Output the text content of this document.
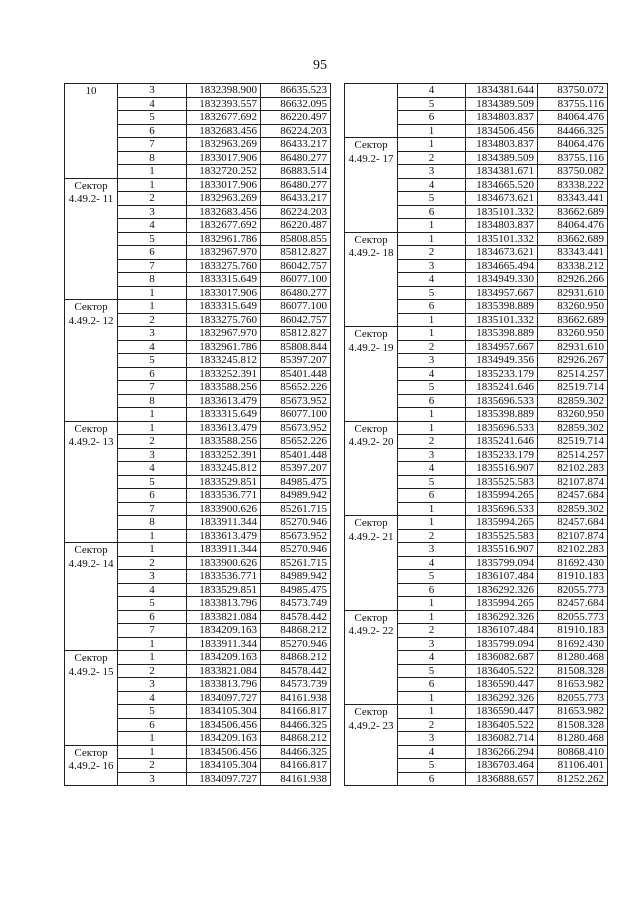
95
10	3	1832398.900	86635.523
	4	1832393.557	86632.095
	5	1832677.692	86220.497
	6	1832683.456	86224.203
	7	1832963.269	86433.217
	8	1833017.906	86480.277
	1	1832720.252	86883.514
Сектор 4.49.2- 11	1	1833017.906	86480.277
	2	1832963.269	86433.217
	3	1832683.456	86224.203
	4	1832677.692	86220.487
	5	1832961.786	85808.855
	6	1832967.970	85812.827
	7	1833275.760	86042.757
	8	1833315.649	86077.100
	1	1833017.906	86480.277
Сектор 4.49.2- 12	1	1833315.649	86077.100
	2	1833275.760	86042.757
	3	1832967.970	85812.827
	4	1832961.786	85808.844
	5	1833245.812	85397.207
	6	1833252.391	85401.448
	7	1833588.256	85652.226
	8	1833613.479	85673.952
	1	1833315.649	86077.100
Сектор 4.49.2- 13	1	1833613.479	85673.952
	2	1833588.256	85652.226
	3	1833252.391	85401.448
	4	1833245.812	85397.207
	5	1833529.851	84985.475
	6	1833536.771	84989.942
	7	1833900.626	85261.715
	8	1833911.344	85270.946
	1	1833613.479	85673.952
Сектор 4.49.2- 14	1	1833911.344	85270.946
	2	1833900.626	85261.715
	3	1833536.771	84989.942
	4	1833529.851	84985.475
	5	1833813.796	84573.749
	6	1833821.084	84578.442
	7	1834209.163	84868.212
	1	1833911.344	85270.946
Сектор 4.49.2- 15	1	1834209.163	84868.212
	2	1833821.084	84578.442
	3	1833813.796	84573.739
	4	1834097.727	84161.938
	5	1834105.304	84166.817
	6	1834506.456	84466.325
	1	1834209.163	84868.212
Сектор 4.49.2- 16	1	1834506.456	84466.325
	2	1834105.304	84166.817
	3	1834097.727	84161.938
	4	1834381.644	83750.072
	5	1834389.509	83755.116
	6	1834803.837	84064.476
	1	1834506.456	84466.325
Сектор 4.49.2- 17	1	1834803.837	84064.476
	2	1834389.509	83755.116
	3	1834381.671	83750.082
	4	1834665.520	83338.222
	5	1834673.621	83343.441
	6	1835101.332	83662.689
	1	1834803.837	84064.476
Сектор 4.49.2- 18	1	1835101.332	83662.689
	2	1834673.621	83343.441
	3	1834665.494	83338.212
	4	1834949.330	82926.266
	5	1834957.667	82931.610
	6	1835398.889	83260.950
	1	1835101.332	83662.689
Сектор 4.49.2- 19	1	1835398.889	83260.950
	2	1834957.667	82931.610
	3	1834949.356	82926.267
	4	1835233.179	82514.257
	5	1835241.646	82519.714
	6	1835696.533	82859.302
	1	1835398.889	83260.950
Сектор 4.49.2- 20	1	1835696.533	82859.302
	2	1835241.646	82519.714
	3	1835233.179	82514.257
	4	1835516.907	82102.283
	5	1835525.583	82107.874
	6	1835994.265	82457.684
	1	1835696.533	82859.302
Сектор 4.49.2- 21	1	1835994.265	82457.684
	2	1835525.583	82107.874
	3	1835516.907	82102.283
	4	1835799.094	81692.430
	5	1836107.484	81910.183
	6	1836292.326	82055.773
	1	1835994.265	82457.684
Сектор 4.49.2- 22	1	1836292.326	82055.773
	2	1836107.484	81910.183
	3	1835799.094	81692.430
	4	1836082.687	81280.468
	5	1836405.522	81508.328
	6	1836590.447	81653.982
	1	1836292.326	82055.773
Сектор 4.49.2- 23	1	1836590.447	81653.982
	2	1836405.522	81508.328
	3	1836082.714	81280.468
	4	1836266.294	80868.410
	5	1836703.464	81106.401
	6	1836888.657	81252.262
